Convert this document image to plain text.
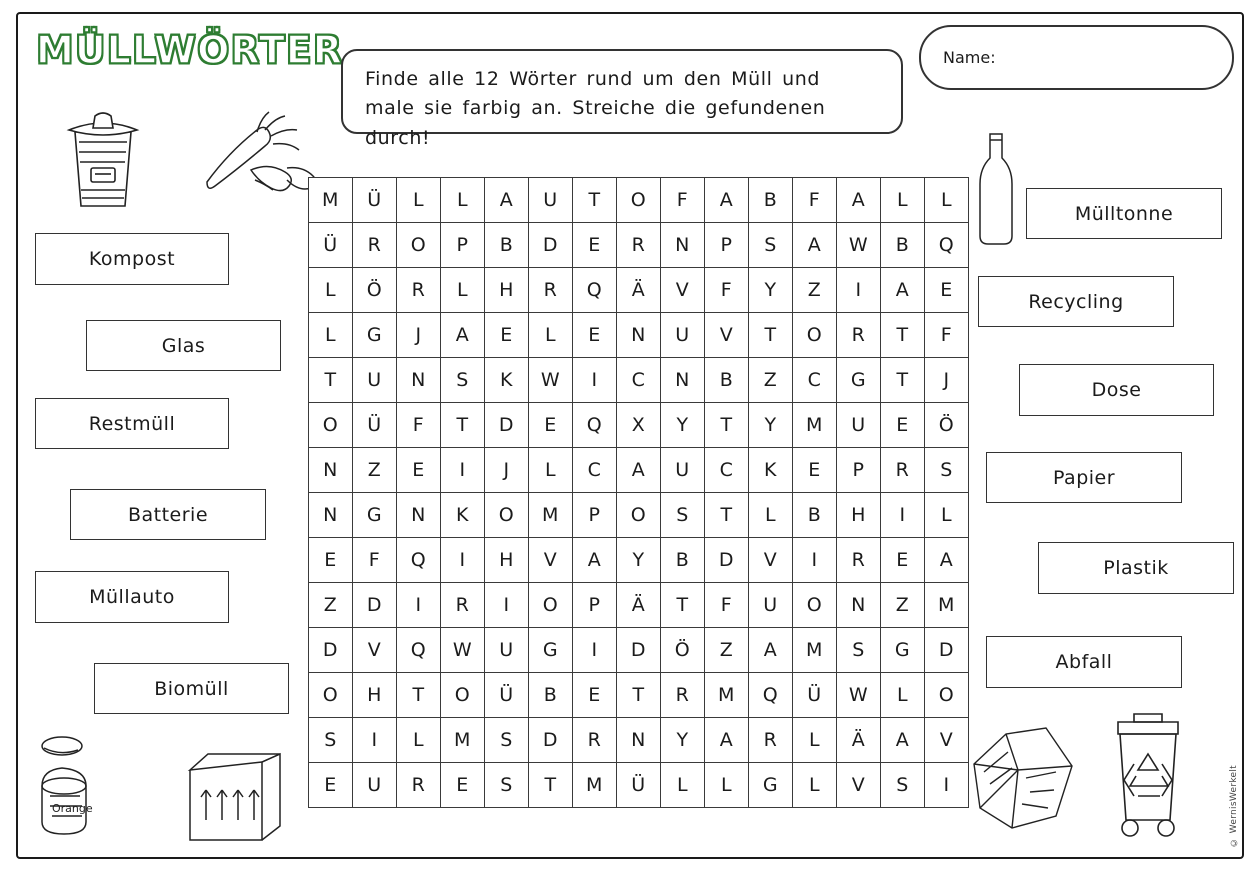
MÜLLWÖRTER
Finde alle 12 Wörter rund um den Müll und male sie farbig an. Streiche die gefundenen durch!
Name:
Kompost
Glas
Restmüll
Batterie
Müllauto
Biomüll
Orange
M	Ü	L	L	A	U	T	O	F	A	B	F	A	L	L
Ü	R	O	P	B	D	E	R	N	P	S	A	W	B	Q
L	Ö	R	L	H	R	Q	Ä	V	F	Y	Z	I	A	E
L	G	J	A	E	L	E	N	U	V	T	O	R	T	F
T	U	N	S	K	W	I	C	N	B	Z	C	G	T	J
O	Ü	F	T	D	E	Q	X	Y	T	Y	M	U	E	Ö
N	Z	E	I	J	L	C	A	U	C	K	E	P	R	S
N	G	N	K	O	M	P	O	S	T	L	B	H	I	L
E	F	Q	I	H	V	A	Y	B	D	V	I	R	E	A
Z	D	I	R	I	O	P	Ä	T	F	U	O	N	Z	M
D	V	Q	W	U	G	I	D	Ö	Z	A	M	S	G	D
O	H	T	O	Ü	B	E	T	R	M	Q	Ü	W	L	O
S	I	L	M	S	D	R	N	Y	A	R	L	Ä	A	V
E	U	R	E	S	T	M	Ü	L	L	G	L	V	S	I
Mülltonne
Recycling
Dose
Papier
Plastik
Abfall
© WernisWerkelt
